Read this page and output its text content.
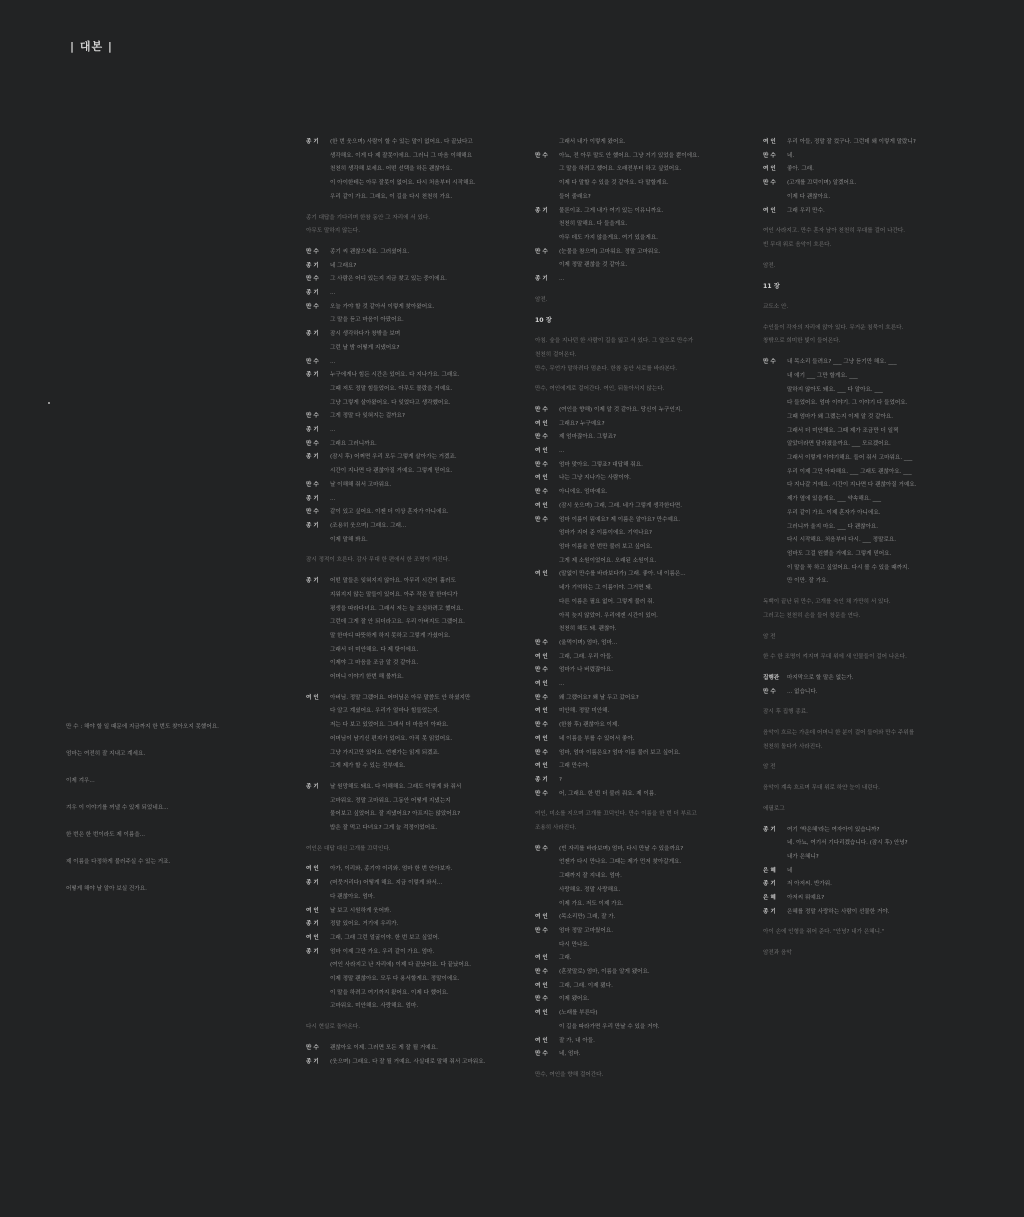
| 대본 |

만 수 : 해야 할 일 때문에 지금까지 한 번도 찾아오지 못했어요.

엄마는 여전히 잘 지내고 계세요.

이제 겨우...

겨우 이 이야기를 꺼낼 수 있게 되었네요...

한 번은 한 번이라도 제 이름을...

제 이름을 다정하게 불러주실 수 있는 거죠.

어떻게 해야 날 알아 보실 건가요.

종 기 (한 번 웃으며) 사람이 할 수 있는 말이 없어요. 다 끝났다고
생각해요. 이게 다 제 잘못이에요. 그러니 그 마음 이해해요
천천히 생각해 보세요. 어떤 선택을 하든 괜찮아요.
이 아이한테는 아무 잘못이 없어요. 다시 처음부터 시작해요.
우리 같이 가요. 그래요, 이 길을 다시 천천히 가요.
종기 대답을 기다리며 한참 동안 그 자리에 서 있다.
아무도 말하지 않는다.
만 수 종기 씨 괜찮으세요. 그러셨어요.
종 기 네 그래요?
만 수 그 사람은 어디 있는지 지금 찾고 있는 중이에요.
종 기 ...
만 수 오늘 가야 할 것 같아서 이렇게 찾아왔어요.
그 말을 듣고 마음이 아팠어요.
종 기 잠시 생각하다가 창밖을 보며
그런 날 밤 어떻게 지냈어요?
만 수 ...
종 기 누구에게나 힘든 시간은 있어요. 다 지나가요. 그래요.
그때 저도 정말 힘들었어요. 아무도 몰랐을 거예요.
그냥 그렇게 살아왔어요. 다 잊었다고 생각했어요.
만 수 그게 정말 다 잊혀지는 걸까요?
종 기 ...
만 수 그래요 그러니까요.
종 기 (잠시 후) 어쩌면 우리 모두 그렇게 살아가는 거겠죠.
시간이 지나면 다 괜찮아질 거예요. 그렇게 믿어요.
만 수 날 이해해 줘서 고마워요.
종 기 ...
만 수 같이 있고 싶어요. 이젠 더 이상 혼자가 아니에요.
종 기 (조용히 웃으며) 그래요. 그래...
이제 말해 봐요.
잠시 정적이 흐른다. 감사 무대 한 편에서 한 조명이 켜진다.
종 기 어떤 말들은 잊혀지지 않아요. 아무리 시간이 흘러도
지워지지 않는 말들이 있어요. 아주 작은 말 한마디가
평생을 따라다녀요. 그래서 저는 늘 조심하려고 했어요.
그런데 그게 잘 안 되더라고요. 우리 아버지도 그랬어요.
말 한마디 따뜻하게 하지 못하고 그렇게 가셨어요.
그래서 더 미안해요. 다 제 탓이에요.
이제야 그 마음을 조금 알 것 같아요.
어머니 이야기 한번 해 볼까요.
여 인 아버님. 정말 그랬어요. 어머님은 아무 말씀도 안 하셨지만
다 알고 계셨어요. 우리가 얼마나 힘들었는지.
저는 다 보고 있었어요. 그래서 더 마음이 아파요.
어머님이 남기신 편지가 있어요. 아직 못 읽었어요.
그냥 가지고만 있어요. 언젠가는 읽게 되겠죠.
그게 제가 할 수 있는 전부예요.
종 기 날 원망해도 돼요. 다 이해해요. 그래도 이렇게 와 줘서
고마워요. 정말 고마워요. 그동안 어떻게 지냈는지
물어보고 싶었어요. 잘 지냈어요? 아프지는 않았어요?
밥은 잘 먹고 다녀요? 그게 늘 걱정이었어요.
여인은 대답 대신 고개를 끄덕인다.
여 인 아가, 이리와, 종기야 이리와. 엄마 한 번 안아보자.
종 기 (머뭇거리다) 어떻게 해요. 지금 이렇게 와서...
다 괜찮아요. 엄마.
여 인 날 보고 시원하게 웃어봐.
종 기 정말 있어요. 거기에 우리가.
여 인 그래, 그래 그런 얼굴이야. 한 번 보고 싶었어.
종 기 엄마 이제 그만 가요. 우리 같이 가요. 엄마.
(여인 사라지고 난 자리에) 이제 다 끝났어요. 다 끝났어요.
이제 정말 괜찮아요. 모두 다 용서할게요. 정말이에요.
이 말을 하려고 여기까지 왔어요. 이제 다 했어요.
고마워요. 미안해요. 사랑해요. 엄마.
다시 현실로 돌아온다.
만 수 괜찮아요 이제. 그러면 모든 게 잘 될 거예요.
종 기 (웃으며) 그래요. 다 잘 될 거예요. 사실대로 말해 줘서 고마워요.
그래서 내가 이렇게 왔어요.
만 수 아뇨, 전 아무 말도 안 했어요. 그냥 거기 있었을 뿐이에요.
그 말을 하려고 했어요. 오래전부터 하고 싶었어요.
이제 다 말할 수 있을 것 같아요. 다 말할게요.
들어 줄래요?
종 기 물론이죠. 그게 내가 여기 있는 이유니까요.
천천히 말해요. 다 들을게요.
아무 데도 가지 않을게요. 여기 있을게요.
만 수 (눈물을 참으며) 고마워요. 정말 고마워요.
이제 정말 괜찮을 것 같아요.
종 기 ...
암전.
10 장
아침. 숲을 지나던 한 사람이 길을 잃고 서 있다. 그 앞으로 만수가
천천히 걸어온다.
만수, 무언가 말하려다 멈춘다. 한참 동안 서로를 바라본다.
만수, 여인에게로 걸어간다. 여인, 뒤돌아서지 않는다.
만 수 (여인을 향해) 이제 알 것 같아요. 당신이 누구인지.
여 인 그래요? 누구예요?
만 수 제 엄마잖아요. 그렇죠?
여 인 ...
만 수 엄마 맞아요. 그렇죠? 대답해 줘요.
여 인 나는 그냥 지나가는 사람이야.
만 수 아니에요. 엄마예요.
여 인 (잠시 웃으며) 그래, 그래. 네가 그렇게 생각한다면.
만 수 엄마 이름이 뭐예요? 제 이름은 알아요? 만수예요.
엄마가 지어 준 이름이에요. 기억나요?
엄마 이름을 한 번만 불러 보고 싶어요.
그게 제 소원이었어요. 오래된 소원이요.
여 인 (말없이 만수를 바라보다가) 그래. 좋아. 내 이름은...
네가 기억하는 그 이름이야. 그거면 돼.
다른 이름은 필요 없어. 그렇게 불러 줘.
아직 늦지 않았어. 우리에겐 시간이 있어.
천천히 해도 돼. 괜찮아.
만 수 (울먹이며) 엄마, 엄마...
여 인 그래, 그래. 우리 아들.
만 수 엄마가 나 버렸잖아요.
여 인 ...
만 수 왜 그랬어요? 왜 날 두고 갔어요?
여 인 미안해. 정말 미안해.
만 수 (한참 후) 괜찮아요 이제.
여 인 네 이름을 부를 수 있어서 좋아.
만 수 엄마, 엄마 이름은요? 엄마 이름 불러 보고 싶어요.
여 인 그래 만수야.
종 기 ?
만 수 어, 그래요. 한 번 더 불러 줘요. 제 이름.
여인, 미소를 지으며 고개를 끄덕인다. 만수 이름을 한 번 더 부르고
조용히 사라진다.
만 수 (빈 자리를 바라보며) 엄마, 다시 만날 수 있을까요?
언젠가 다시 만나요. 그때는 제가 먼저 찾아갈게요.
그때까지 잘 지내요. 엄마.
사랑해요. 정말 사랑해요.
이제 가요. 저도 이제 가요.
여 인 (목소리만) 그래, 잘 가.
만 수 엄마 정말 고마웠어요.
다시 만나요.
여 인 그래.
만 수 (혼잣말로) 엄마, 이름을 알게 됐어요.
여 인 그래, 그래. 이제 됐다.
만 수 이제 됐어요.
여 인 (노래를 부른다)
이 길을 따라가면 우리 만날 수 있을 거야.
여 인 잘 가, 내 아들.
만 수 네, 엄마.
만수, 여인을 향해 걸어간다.
여 인 우리 아들, 정말 잘 컸구나. 그런데 왜 이렇게 말랐니?
만 수 네.
여 인 좋아. 그래.
만 수 (고개를 끄덕이며) 알겠어요.
이제 다 괜찮아요.
여 인 그래 우리 만수.
여인 사라지고. 만수 혼자 남아 천천히 무대를 걸어 나간다.
빈 무대 위로 음악이 흐른다.
암전.
11 장
교도소 안.
수인들이 각자의 자리에 앉아 있다. 무거운 침묵이 흐른다.
창밖으로 희미한 빛이 들어온다.
만 수 내 목소리 들려요? ___ 그냥 듣기만 해요. ___
내 얘기 ___ 그만 할게요. ___
말하지 않아도 돼요. ___ 다 알아요. ___
다 들었어요. 엄마 이야기. 그 이야기 다 들었어요.
그때 엄마가 왜 그랬는지 이제 알 것 같아요.
그래서 더 미안해요. 그때 제가 조금만 더 일찍
알았더라면 달라졌을까요. ___ 모르겠어요.
그래서 이렇게 이야기해요. 들어 줘서 고마워요. ___
우리 이제 그만 아파해요. ___ 그래도 괜찮아요. ___
다 지나갈 거예요. 시간이 지나면 다 괜찮아질 거예요.
제가 옆에 있을게요. ___ 약속해요. ___
우리 같이 가요. 이제 혼자가 아니에요.
그러니까 울지 마요. ___ 다 괜찮아요.
다시 시작해요. 처음부터 다시. ___ 정말로요.
엄마도 그걸 원했을 거예요. 그렇게 믿어요.
이 말을 꼭 하고 싶었어요. 다시 볼 수 있을 때까지.
만 이만. 잘 가요.
독백이 끝난 뒤 만수, 고개를 숙인 채 가만히 서 있다.
그러고는 천천히 손을 들어 창문을 연다.
암 전
한 수 한 조명이 켜지며 무대 위에 새 인물들이 걸어 나온다.
집행관 마지막으로 할 말은 없는가.
만 수 ... 없습니다.
잠시 후 집행 종료.
음악이 흐르는 가운데 어머니 한 분이 걸어 들어와 만수 주위를
천천히 돌다가 사라진다.
암 전
음악이 계속 흐르며 무대 위로 하얀 눈이 내린다.
에필로그
종 기 여기 '박은혜'라는 여자아이 있습니까?
네. 아뇨, 여기서 기다리겠습니다. (잠시 후) 안녕?
내가 은혜니?
은 혜 네
종 기 저 아저씨. 반가워.
은 혜 아저씨 뭐예요?
종 기 은혜를 정말 사랑하는 사람이 선물한 거야.
아이 손에 인형을 쥐어 준다. "안녕? 내가 은혜니."
암전과 음악
